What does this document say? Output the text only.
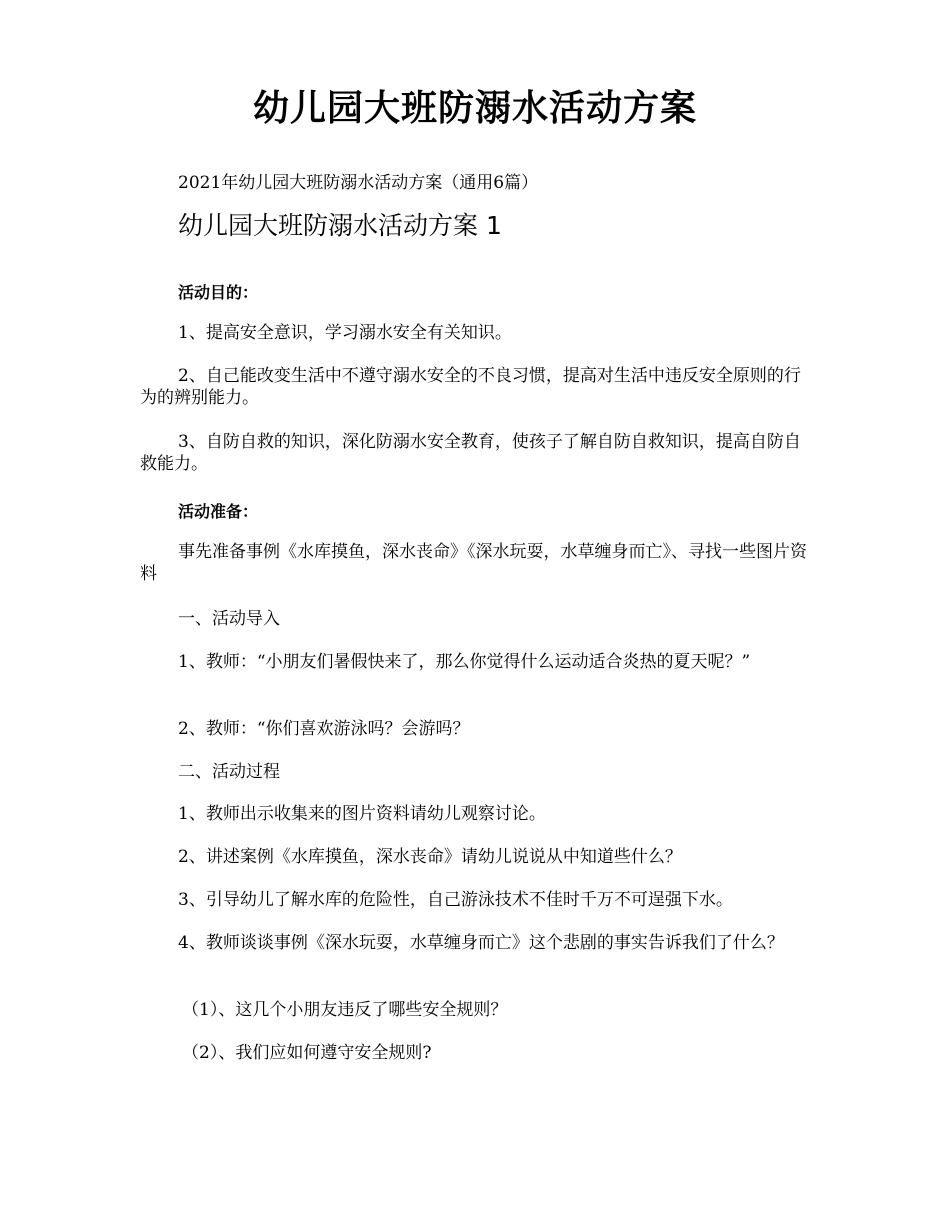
幼儿园大班防溺水活动方案
2021年幼儿园大班防溺水活动方案（通用6篇）
幼儿园大班防溺水活动方案 1
活动目的：
1、提高安全意识，学习溺水安全有关知识。
2、自己能改变生活中不遵守溺水安全的不良习惯，提高对生活中违反安全原则的行为的辨别能力。
3、自防自救的知识，深化防溺水安全教育，使孩子了解自防自救知识，提高自防自救能力。
活动准备：
事先准备事例《水库摸鱼，深水丧命》《深水玩耍，水草缠身而亡》、寻找一些图片资料
一、活动导入
1、教师：“小朋友们暑假快来了，那么你觉得什么运动适合炎热的夏天呢？”
2、教师：“你们喜欢游泳吗？会游吗？
二、活动过程
1、教师出示收集来的图片资料请幼儿观察讨论。
2、讲述案例《水库摸鱼，深水丧命》请幼儿说说从中知道些什么？
3、引导幼儿了解水库的危险性，自己游泳技术不佳时千万不可逞强下水。
4、教师谈谈事例《深水玩耍，水草缠身而亡》这个悲剧的事实告诉我们了什么？
（1）、这几个小朋友违反了哪些安全规则？
（2）、我们应如何遵守安全规则?
